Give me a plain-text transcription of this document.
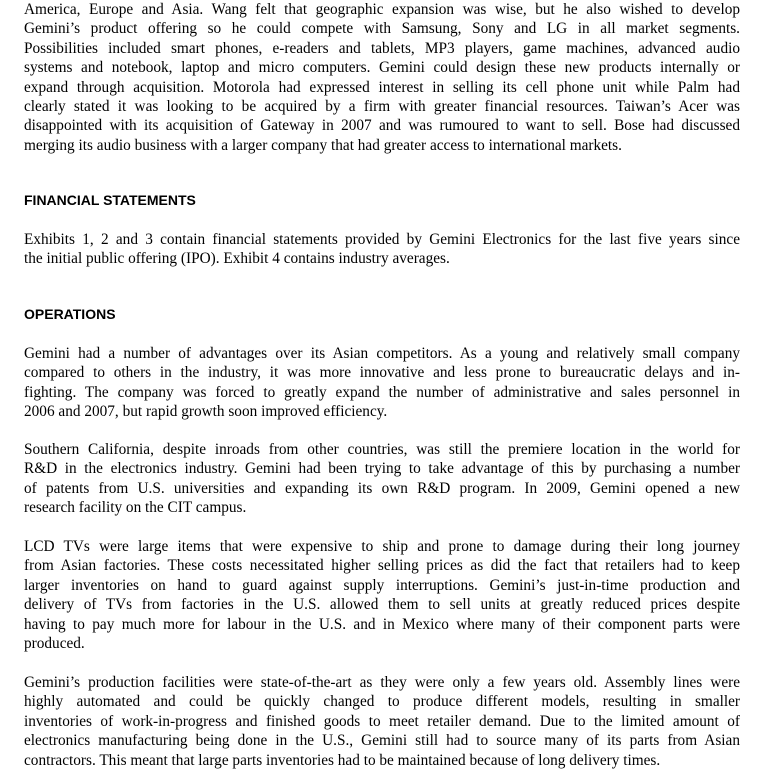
America, Europe and Asia. Wang felt that geographic expansion was wise, but he also wished to develop
Gemini’s product offering so he could compete with Samsung, Sony and LG in all market segments.
Possibilities included smart phones, e-readers and tablets, MP3 players, game machines, advanced audio
systems and notebook, laptop and micro computers. Gemini could design these new products internally or
expand through acquisition. Motorola had expressed interest in selling its cell phone unit while Palm had
clearly stated it was looking to be acquired by a firm with greater financial resources. Taiwan’s Acer was
disappointed with its acquisition of Gateway in 2007 and was rumoured to want to sell. Bose had discussed
merging its audio business with a larger company that had greater access to international markets.
FINANCIAL STATEMENTS
Exhibits 1, 2 and 3 contain financial statements provided by Gemini Electronics for the last five years since
the initial public offering (IPO). Exhibit 4 contains industry averages.
OPERATIONS
Gemini had a number of advantages over its Asian competitors. As a young and relatively small company
compared to others in the industry, it was more innovative and less prone to bureaucratic delays and in-
fighting. The company was forced to greatly expand the number of administrative and sales personnel in
2006 and 2007, but rapid growth soon improved efficiency.
Southern California, despite inroads from other countries, was still the premiere location in the world for
R&D in the electronics industry. Gemini had been trying to take advantage of this by purchasing a number
of patents from U.S. universities and expanding its own R&D program. In 2009, Gemini opened a new
research facility on the CIT campus.
LCD TVs were large items that were expensive to ship and prone to damage during their long journey
from Asian factories. These costs necessitated higher selling prices as did the fact that retailers had to keep
larger inventories on hand to guard against supply interruptions. Gemini’s just-in-time production and
delivery of TVs from factories in the U.S. allowed them to sell units at greatly reduced prices despite
having to pay much more for labour in the U.S. and in Mexico where many of their component parts were
produced.
Gemini’s production facilities were state-of-the-art as they were only a few years old. Assembly lines were
highly automated and could be quickly changed to produce different models, resulting in smaller
inventories of work-in-progress and finished goods to meet retailer demand. Due to the limited amount of
electronics manufacturing being done in the U.S., Gemini still had to source many of its parts from Asian
contractors. This meant that large parts inventories had to be maintained because of long delivery times.
